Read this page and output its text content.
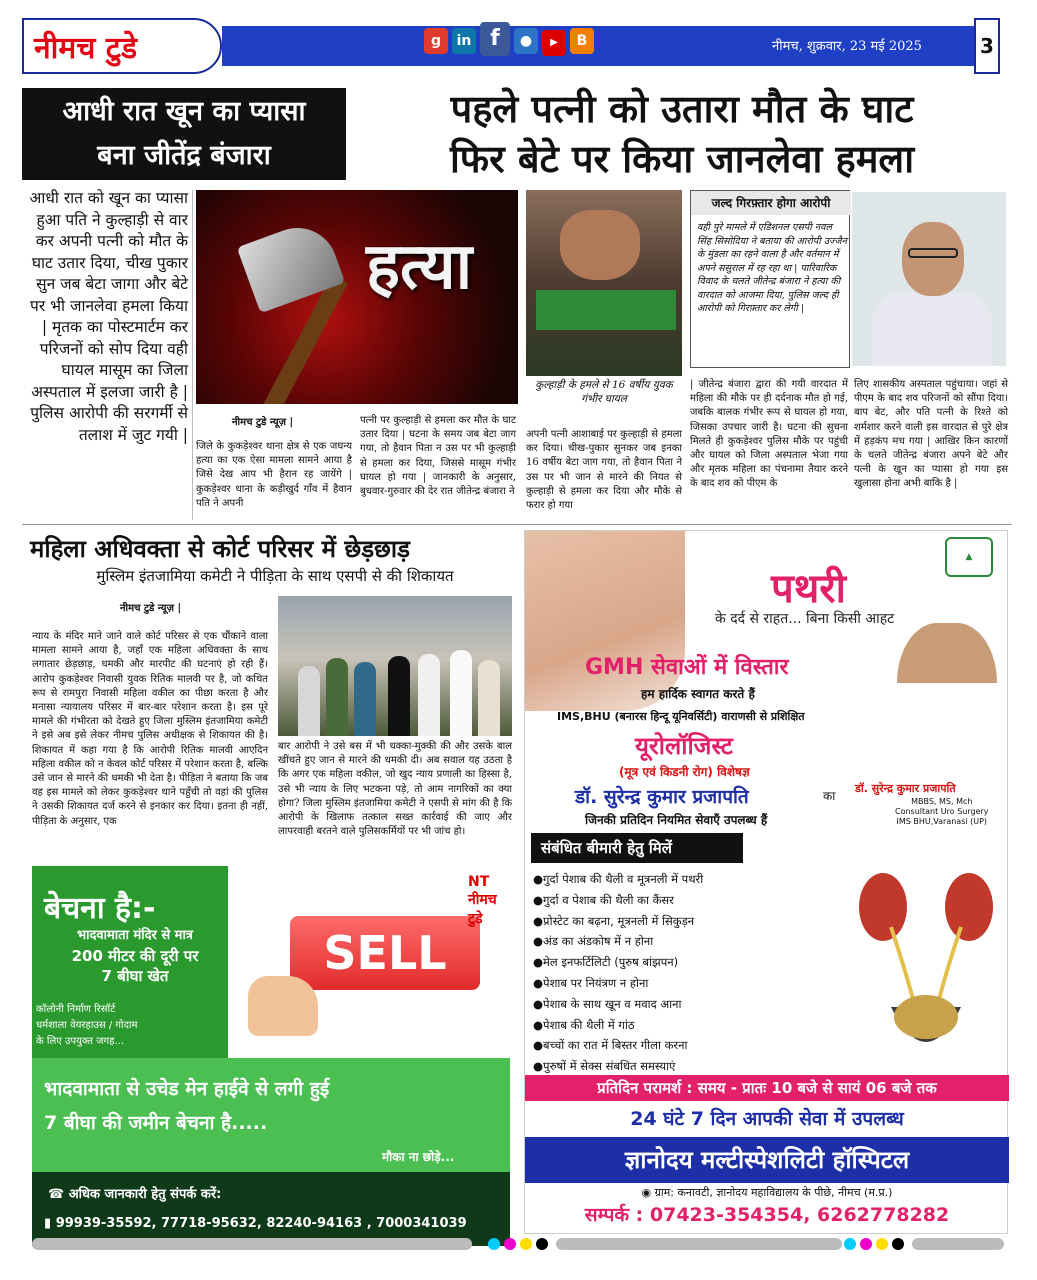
नीमच टुडे	g in f ● ▶ B	नीमच, शुक्रवार, 23 मई 2025	3
आधी रात खून का प्यासा
बना जीतेंद्र बंजारा
पहले पत्नी को उतारा मौत के घाट
फिर बेटे पर किया जानलेवा हमला
आधी रात को खून का प्यासा हुआ पति ने कुल्हाड़ी से वार कर अपनी पत्नी को मौत के घाट उतार दिया, चीख पुकार सुन जब बेटा जागा और बेटे पर भी जानलेवा हमला किया | मृतक का पोस्टमार्टम कर परिजनों को सोप दिया वही घायल मासूम का जिला अस्पताल में इलजा जारी है | पुलिस आरोपी की सरगर्मी से तलाश में जुट गयी |
हत्या
कुल्हाड़ी के हमले से 16 वर्षीय युवक गंभीर घायल
जल्द गिरफ़्तार होगा आरोपी
वही पुरे मामले में एडिशनल एसपी नवल सिंह सिसोदिया ने बताया की आरोपी उज्जैन के मुंडला का रहने वाला है और वर्तमान में अपने ससुराल में रह रहा था | पारिवारिक विवाद के चलते जीतेन्द्र बंजारा ने हत्या की वारदात को आजमा दिया, पुलिस जल्द ही आरोपी को गिरफ़्तार कर लेगी |
नीमच टुडे न्यूज़ |
जिले के कुकड़ेश्वर थाना क्षेत्र से एक जघन्य हत्या का एक ऐसा मामला सामने आया है जिसे देख आप भी हैरान रह जायेंगे | कुकड़ेश्वर थाना के कड़ीखुर्द गाँव में हैवान पति ने अपनी
पत्नी पर कुल्हाड़ी से हमला कर मौत के घाट उतार दिया | घटना के समय जब बेटा जाग गया, तो हैवान पिता न उस पर भी कुल्हाड़ी से हमला कर दिया, जिससे मासूम गंभीर घायल हो गया | जानकारी के अनुसार, बुधवार-गुरुवार की देर रात जीतेन्द्र बंजारा ने
अपनी पत्नी आशाबाई पर कुल्हाड़ी से हमला कर दिया। चीख-पुकार सुनकर जब इनका 16 वर्षीय बेटा जाग गया, तो हैवान पिता ने उस पर भी जान से मारने की नियत से कुल्हाड़ी से हमला कर दिया और मौके से फरार हो गया
| जीतेन्द्र बंजारा द्वारा की गयी वारदात में महिला की मौके पर ही दर्दनाक मौत हो गई, जबकि बालक गंभीर रूप से घायल हो गया, जिसका उपचार जारी है। घटना की सुचना मिलते ही कुकड़ेश्वर पुलिस मौके पर पहुंची और घायल को जिला अस्पताल भेजा गया और मृतक महिला का पंचनामा तैयार करने के बाद शव को पीएम के
लिए शासकीय अस्पताल पहुंचाया। जहां से पीएम के बाद शव परिजनों को सौंपा दिया। बाप बेट, और पति पत्नी के रिश्ते को शर्मशार करने वाली इस वारदात से पुरे क्षेत्र में हड़कंप मच गया | आखिर किन कारणों के चलते जीतेन्द्र बंजारा अपने बेटे और पत्नी के खून का प्यासा हो गया इस खुलासा होना अभी बाकि है |
महिला अधिवक्ता से कोर्ट परिसर में छेड़छाड़
मुस्लिम इंतजामिया कमेटी ने पीड़िता के साथ एसपी से की शिकायत
नीमच टुडे न्यूज़ |
न्याय के मंदिर माने जाने वाले कोर्ट परिसर से एक चौंकाने वाला मामला सामने आया है, जहाँ एक महिला अधिवक्ता के साथ लगातार छेड़छाड़, धमकी और मारपीट की घटनाएं हो रही हैं। आरोप कुकड़ेश्वर निवासी युवक रितिक मालवी पर है, जो कथित रूप से रामपुरा निवासी महिला वकील का पीछा करता है और मनासा न्यायालय परिसर में बार-बार परेशान करता है। इस पूरे मामले की गंभीरता को देखते हुए जिला मुस्लिम इंतजामिया कमेटी ने इसे अब इसे लेकर नीमच पुलिस अधीक्षक से शिकायत की है। शिकायत में कहा गया है कि आरोपी रितिक मालवी आएदिन महिला वकील को न केवल कोर्ट परिसर में परेशान करता है, बल्कि उसे जान से मारने की धमकी भी देता है। पीड़िता ने बताया कि जब वह इस मामले को लेकर कुकड़ेश्वर थाने पहुँची तो वहां की पुलिस ने उसकी शिकायत दर्ज करने से इनकार कर दिया। इतना ही नहीं, पीड़िता के अनुसार, एक
बार आरोपी ने उसे बस में भी धक्का-मुक्की की और उसके बाल खींचते हुए जान से मारने की धमकी दी। अब सवाल यह उठता है कि अगर एक महिला वकील, जो खुद न्याय प्रणाली का हिस्सा है, उसे भी न्याय के लिए भटकना पड़े, तो आम नागरिकों का क्या होगा? जिला मुस्लिम इंतजामिया कमेटी ने एसपी से मांग की है कि आरोपी के खिलाफ तत्काल सख्त कार्रवाई की जाए और लापरवाही बरतने वाले पुलिसकर्मियों पर भी जांच हो।
बेचना है:-
भादवामाता मंदिर से मात्र
200 मीटर की दूरी पर
7 बीघा खेत
कॉलोनी निर्माण रिसॉर्ट
धर्मशाला वेयरहाउस / गोदाम
के लिए उपयुक्त जगह...
SELL
NT नीमच टुडे
भादवामाता से उचेड मेन हाईवे से लगी हुई
7 बीघा की जमीन बेचना है.....
मौका ना छोड़े...
☎ अधिक जानकारी हेतु संपर्क करें:
▮ 99939-35592, 77718-95632, 82240-94163 , 7000341039
▲
पथरी
के दर्द से राहत... बिना किसी आहट
GMH सेवाओं में विस्तार
हम हार्दिक स्वागत करते हैं
IMS,BHU (बनारस हिन्दू यूनिवर्सिटी) वाराणसी से प्रशिक्षित
यूरोलॉजिस्ट
(मूत्र एवं किडनी रोग) विशेषज्ञ
डॉ. सुरेन्द्र कुमार प्रजापति	का
जिनकी प्रतिदिन नियमित सेवाएँ उपलब्ध हैं
डॉ. सुरेन्द्र कुमार प्रजापति
MBBS, MS, Mch
Consultant Uro Surgery
IMS BHU,Varanasi (UP)
संबंधित बीमारी हेतु मिलें
●गुर्दा पेशाब की थैली व मूत्रनली में पथरी
●गुर्दा व पेशाब की थैली का कैंसर
●प्रोस्टेट का बढ़ना, मूत्रनली में सिकुड़न
●अंड का अंडकोष में न होना
●मेल इनफर्टिलिटी (पुरुष बांझपन)
●पेशाब पर नियंत्रण न होना
●पेशाब के साथ खून व मवाद आना
●पेशाब की थैली में गांठ
●बच्चों का रात में बिस्तर गीला करना
●पुरुषों में सेक्स संबधित समस्याएं
प्रतिदिन परामर्श : समय - प्रातः 10 बजे से सायं 06 बजे तक
24 घंटे 7 दिन आपकी सेवा में उपलब्ध
ज्ञानोदय मल्टीस्पेशलिटी हॉस्पिटल
◉ ग्राम: कनावटी, ज्ञानोदय महाविद्यालय के पीछे, नीमच (म.प्र.)
सम्पर्क : 07423-354354, 6262778282
